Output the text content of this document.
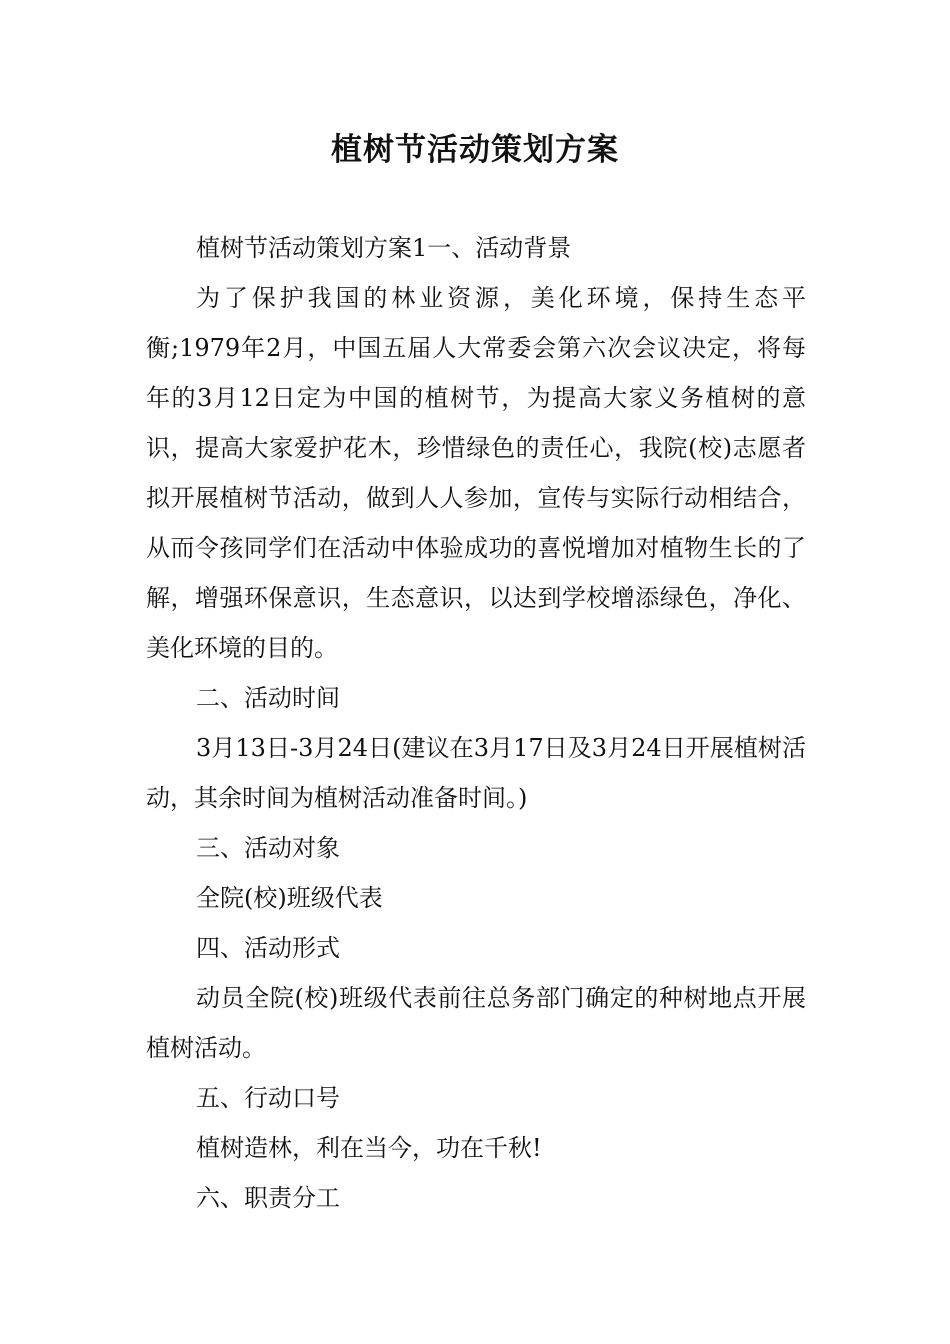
植树节活动策划方案

植树节活动策划方案1一、活动背景

为了保护我国的林业资源，美化环境，保持生态平衡;1979年2月，中国五届人大常委会第六次会议决定，将每年的3月12日定为中国的植树节，为提高大家义务植树的意识，提高大家爱护花木，珍惜绿色的责任心，我院(校)志愿者拟开展植树节活动，做到人人参加，宣传与实际行动相结合，从而令孩同学们在活动中体验成功的喜悦增加对植物生长的了解，增强环保意识，生态意识，以达到学校增添绿色，净化、美化环境的目的。

二、活动时间

3月13日-3月24日(建议在3月17日及3月24日开展植树活动，其余时间为植树活动准备时间。)

三、活动对象

全院(校)班级代表

四、活动形式

动员全院(校)班级代表前往总务部门确定的种树地点开展植树活动。

五、行动口号

植树造林，利在当今，功在千秋!

六、职责分工
